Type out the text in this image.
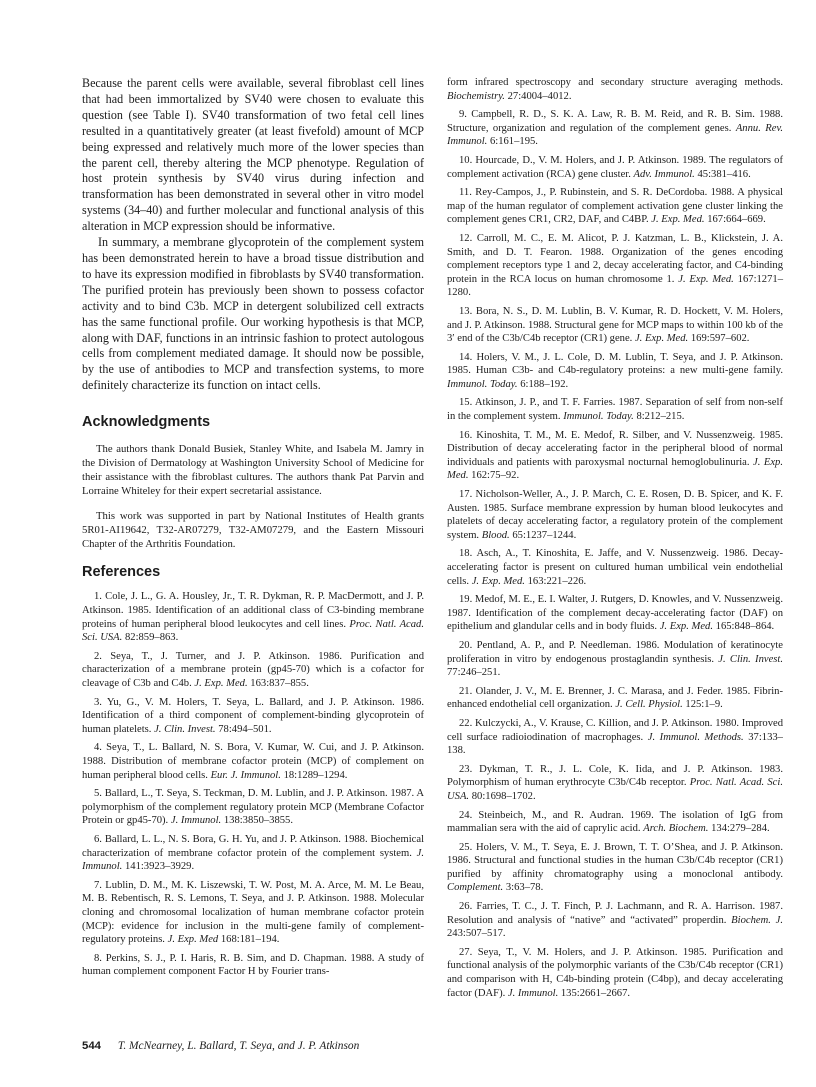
Because the parent cells were available, several fibroblast cell lines that had been immortalized by SV40 were chosen to evaluate this question (see Table I). SV40 transformation of two fetal cell lines resulted in a quantitatively greater (at least fivefold) amount of MCP being expressed and relatively much more of the lower species than the parent cell, thereby altering the MCP phenotype. Regulation of host protein synthesis by SV40 virus during infection and transformation has been demonstrated in several other in vitro model systems (34–40) and further molecular and functional analysis of this alteration in MCP expression should be informative.

In summary, a membrane glycoprotein of the complement system has been demonstrated herein to have a broad tissue distribution and to have its expression modified in fibroblasts by SV40 transformation. The purified protein has previously been shown to possess cofactor activity and to bind C3b. MCP in detergent solubilized cell extracts has the same functional profile. Our working hypothesis is that MCP, along with DAF, functions in an intrinsic fashion to protect autologous cells from complement mediated damage. It should now be possible, by the use of antibodies to MCP and transfection systems, to more definitely characterize its function on intact cells.

Acknowledgments

The authors thank Donald Busiek, Stanley White, and Isabela M. Jamry in the Division of Dermatology at Washington University School of Medicine for their assistance with the fibroblast cultures. The authors thank Pat Parvin and Lorraine Whiteley for their expert secretarial assistance.

This work was supported in part by National Institutes of Health grants 5R01-AI19642, T32-AR07279, T32-AM07279, and the Eastern Missouri Chapter of the Arthritis Foundation.

References
1. Cole, J. L., G. A. Housley, Jr., T. R. Dykman, R. P. MacDermott, and J. P. Atkinson. 1985. Identification of an additional class of C3-binding membrane proteins of human peripheral blood leukocytes and cell lines. Proc. Natl. Acad. Sci. USA. 82:859–863.
2. Seya, T., J. Turner, and J. P. Atkinson. 1986. Purification and characterization of a membrane protein (gp45-70) which is a cofactor for cleavage of C3b and C4b. J. Exp. Med. 163:837–855.
3. Yu, G., V. M. Holers, T. Seya, L. Ballard, and J. P. Atkinson. 1986. Identification of a third component of complement-binding glycoprotein of human platelets. J. Clin. Invest. 78:494–501.
4. Seya, T., L. Ballard, N. S. Bora, V. Kumar, W. Cui, and J. P. Atkinson. 1988. Distribution of membrane cofactor protein (MCP) of complement on human peripheral blood cells. Eur. J. Immunol. 18:1289–1294.
5. Ballard, L., T. Seya, S. Teckman, D. M. Lublin, and J. P. Atkinson. 1987. A polymorphism of the complement regulatory protein MCP (Membrane Cofactor Protein or gp45-70). J. Immunol. 138:3850–3855.
6. Ballard, L. L., N. S. Bora, G. H. Yu, and J. P. Atkinson. 1988. Biochemical characterization of membrane cofactor protein of the complement system. J. Immunol. 141:3923–3929.
7. Lublin, D. M., M. K. Liszewski, T. W. Post, M. A. Arce, M. M. Le Beau, M. B. Rebentisch, R. S. Lemons, T. Seya, and J. P. Atkinson. 1988. Molecular cloning and chromosomal localization of human membrane cofactor protein (MCP): evidence for inclusion in the multi-gene family of complement-regulatory proteins. J. Exp. Med 168:181–194.
8. Perkins, S. J., P. I. Haris, R. B. Sim, and D. Chapman. 1988. A study of human complement component Factor H by Fourier trans-
form infrared spectroscopy and secondary structure averaging methods. Biochemistry. 27:4004–4012.
9. Campbell, R. D., S. K. A. Law, R. B. M. Reid, and R. B. Sim. 1988. Structure, organization and regulation of the complement genes. Annu. Rev. Immunol. 6:161–195.
10. Hourcade, D., V. M. Holers, and J. P. Atkinson. 1989. The regulators of complement activation (RCA) gene cluster. Adv. Immunol. 45:381–416.
11. Rey-Campos, J., P. Rubinstein, and S. R. DeCordoba. 1988. A physical map of the human regulator of complement activation gene cluster linking the complement genes CR1, CR2, DAF, and C4BP. J. Exp. Med. 167:664–669.
12. Carroll, M. C., E. M. Alicot, P. J. Katzman, L. B., Klickstein, J. A. Smith, and D. T. Fearon. 1988. Organization of the genes encoding complement receptors type 1 and 2, decay accelerating factor, and C4-binding protein in the RCA locus on human chromosome 1. J. Exp. Med. 167:1271–1280.
13. Bora, N. S., D. M. Lublin, B. V. Kumar, R. D. Hockett, V. M. Holers, and J. P. Atkinson. 1988. Structural gene for MCP maps to within 100 kb of the 3′ end of the C3b/C4b receptor (CR1) gene. J. Exp. Med. 169:597–602.
14. Holers, V. M., J. L. Cole, D. M. Lublin, T. Seya, and J. P. Atkinson. 1985. Human C3b- and C4b-regulatory proteins: a new multi-gene family. Immunol. Today. 6:188–192.
15. Atkinson, J. P., and T. F. Farries. 1987. Separation of self from non-self in the complement system. Immunol. Today. 8:212–215.
16. Kinoshita, T. M., M. E. Medof, R. Silber, and V. Nussenzweig. 1985. Distribution of decay accelerating factor in the peripheral blood of normal individuals and patients with paroxysmal nocturnal hemoglobulinuria. J. Exp. Med. 162:75–92.
17. Nicholson-Weller, A., J. P. March, C. E. Rosen, D. B. Spicer, and K. F. Austen. 1985. Surface membrane expression by human blood leukocytes and platelets of decay accelerating factor, a regulatory protein of the complement system. Blood. 65:1237–1244.
18. Asch, A., T. Kinoshita, E. Jaffe, and V. Nussenzweig. 1986. Decay-accelerating factor is present on cultured human umbilical vein endothelial cells. J. Exp. Med. 163:221–226.
19. Medof, M. E., E. I. Walter, J. Rutgers, D. Knowles, and V. Nussenzweig. 1987. Identification of the complement decay-accelerating factor (DAF) on epithelium and glandular cells and in body fluids. J. Exp. Med. 165:848–864.
20. Pentland, A. P., and P. Needleman. 1986. Modulation of keratinocyte proliferation in vitro by endogenous prostaglandin synthesis. J. Clin. Invest. 77:246–251.
21. Olander, J. V., M. E. Brenner, J. C. Marasa, and J. Feder. 1985. Fibrin-enhanced endothelial cell organization. J. Cell. Physiol. 125:1–9.
22. Kulczycki, A., V. Krause, C. Killion, and J. P. Atkinson. 1980. Improved cell surface radioiodination of macrophages. J. Immunol. Methods. 37:133–138.
23. Dykman, T. R., J. L. Cole, K. Iida, and J. P. Atkinson. 1983. Polymorphism of human erythrocyte C3b/C4b receptor. Proc. Natl. Acad. Sci. USA. 80:1698–1702.
24. Steinbeich, M., and R. Audran. 1969. The isolation of IgG from mammalian sera with the aid of caprylic acid. Arch. Biochem. 134:279–284.
25. Holers, V. M., T. Seya, E. J. Brown, T. T. O’Shea, and J. P. Atkinson. 1986. Structural and functional studies in the human C3b/C4b receptor (CR1) purified by affinity chromatography using a monoclonal antibody. Complement. 3:63–78.
26. Farries, T. C., J. T. Finch, P. J. Lachmann, and R. A. Harrison. 1987. Resolution and analysis of “native” and “activated” properdin. Biochem. J. 243:507–517.
27. Seya, T., V. M. Holers, and J. P. Atkinson. 1985. Purification and functional analysis of the polymorphic variants of the C3b/C4b receptor (CR1) and comparison with H, C4b-binding protein (C4bp), and decay accelerating factor (DAF). J. Immunol. 135:2661–2667.
544 T. McNearney, L. Ballard, T. Seya, and J. P. Atkinson
